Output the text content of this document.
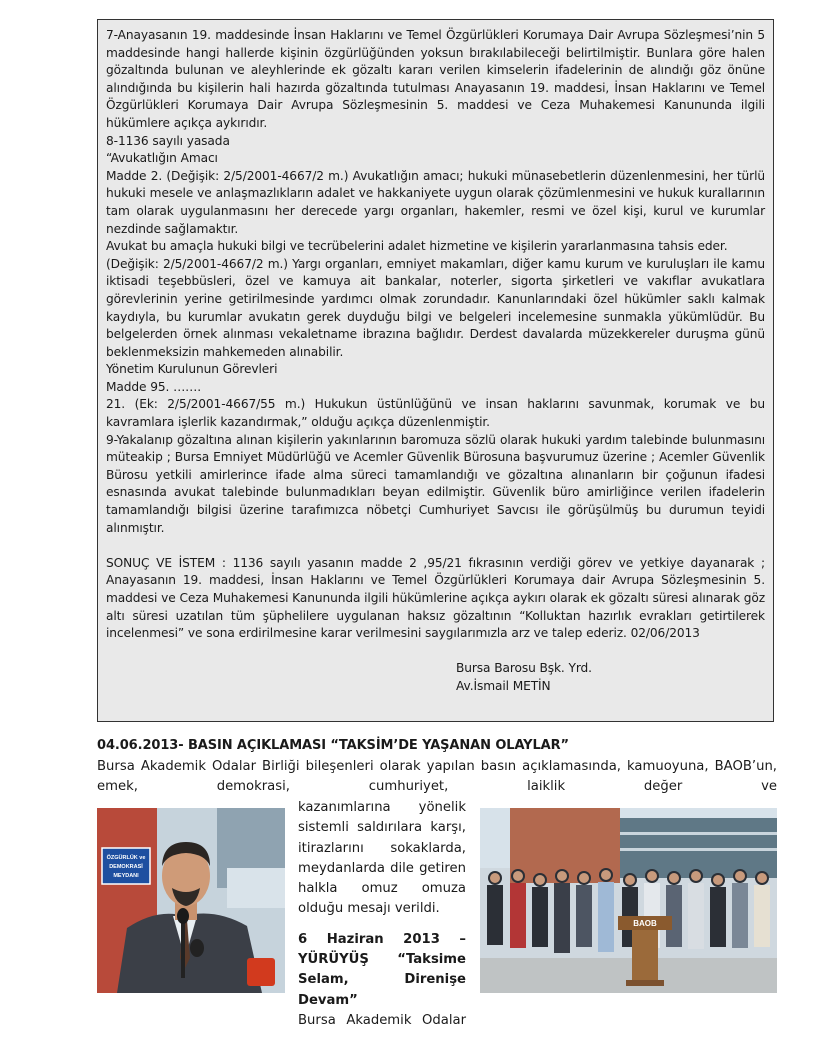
7-Anayasanın 19. maddesinde İnsan Haklarını ve Temel Özgürlükleri Korumaya Dair Avrupa Sözleşmesi’nin 5 maddesinde hangi hallerde kişinin özgürlüğünden yoksun bırakılabileceği belirtilmiştir. Bunlara göre halen gözaltında bulunan ve aleyhlerinde ek gözaltı kararı verilen kimselerin ifadelerinin de alındığı göz önüne alındığında bu kişilerin hali hazırda gözaltında tutulması Anayasanın 19. maddesi, İnsan Haklarını ve Temel Özgürlükleri Korumaya Dair Avrupa Sözleşmesinin 5. maddesi ve Ceza Muhakemesi Kanununda ilgili hükümlere açıkça aykırıdır.

8-1136 sayılı yasada

“Avukatlığın Amacı

Madde 2. (Değişik: 2/5/2001-4667/2 m.) Avukatlığın amacı; hukuki münasebetlerin düzenlenmesini, her türlü hukuki mesele ve anlaşmazlıkların adalet ve hakkaniyete uygun olarak çözümlenmesini ve hukuk kurallarının tam olarak uygulanmasını her derecede yargı organları, hakemler, resmi ve özel kişi, kurul ve kurumlar nezdinde sağlamaktır.

Avukat bu amaçla hukuki bilgi ve tecrübelerini adalet hizmetine ve kişilerin yararlanmasına tahsis eder.

(Değişik: 2/5/2001-4667/2 m.) Yargı organları, emniyet makamları, diğer kamu kurum ve kuruluşları ile kamu iktisadi teşebbüsleri, özel ve kamuya ait bankalar, noterler, sigorta şirketleri ve vakıflar avukatlara görevlerinin yerine getirilmesinde yardımcı olmak zorundadır. Kanunlarındaki özel hükümler saklı kalmak kaydıyla, bu kurumlar avukatın gerek duyduğu bilgi ve belgeleri incelemesine sunmakla yükümlüdür. Bu belgelerden örnek alınması vekaletname ibrazına bağlıdır. Derdest davalarda müzekkereler duruşma günü beklenmeksizin mahkemeden alınabilir.

Yönetim Kurulunun Görevleri

Madde 95. …….

21. (Ek: 2/5/2001-4667/55 m.) Hukukun üstünlüğünü ve insan haklarını savunmak, korumak ve bu kavramlara işlerlik kazandırmak,” olduğu açıkça düzenlenmiştir.

9-Yakalanıp gözaltına alınan kişilerin yakınlarının baromuza sözlü olarak hukuki yardım talebinde bulunmasını müteakip ; Bursa Emniyet Müdürlüğü ve Acemler Güvenlik Bürosuna başvurumuz üzerine ; Acemler Güvenlik Bürosu yetkili amirlerince ifade alma süreci tamamlandığı ve gözaltına alınanların bir çoğunun ifadesi esnasında avukat talebinde bulunmadıkları beyan edilmiştir. Güvenlik büro amirliğince verilen ifadelerin tamamlandığı bilgisi üzerine tarafımızca nöbetçi Cumhuriyet Savcısı ile görüşülmüş bu durumun teyidi alınmıştır.

SONUÇ VE İSTEM : 1136 sayılı yasanın madde 2 ,95/21 fıkrasının verdiği görev ve yetkiye dayanarak ; Anayasanın 19. maddesi, İnsan Haklarını ve Temel Özgürlükleri Korumaya dair Avrupa Sözleşmesinin 5. maddesi ve Ceza Muhakemesi Kanununda ilgili hükümlerine açıkça aykırı olarak ek gözaltı süresi alınarak göz altı süresi uzatılan tüm şüphelilere uygulanan haksız gözaltının “Kolluktan hazırlık evrakları getirtilerek incelenmesi” ve sona erdirilmesine karar verilmesini saygılarımızla arz ve talep ederiz. 02/06/2013

Bursa Barosu Bşk. Yrd.

Av.İsmail METİN

04.06.2013- BASIN AÇIKLAMASI “TAKSİM’DE YAŞANAN OLAYLAR”

Bursa Akademik Odalar Birliği bileşenleri olarak yapılan basın açıklamasında, kamuoyuna, BAOB’un,
emek, demokrasi, cumhuriyet, laiklik değer ve

kazanımlarına yönelik

sistemli saldırılara karşı,

itirazlarını sokaklarda,

meydanlarda dile getiren

halkla omuz omuza

olduğu mesajı verildi.

6 Haziran 2013 –

YÜRÜYÜŞ “Taksime

Selam, Direnişe Devam”

Bursa Akademik Odalar

ÖZGÜRLÜK ve
DEMOKRASİ
MEYDANI
BAOB
